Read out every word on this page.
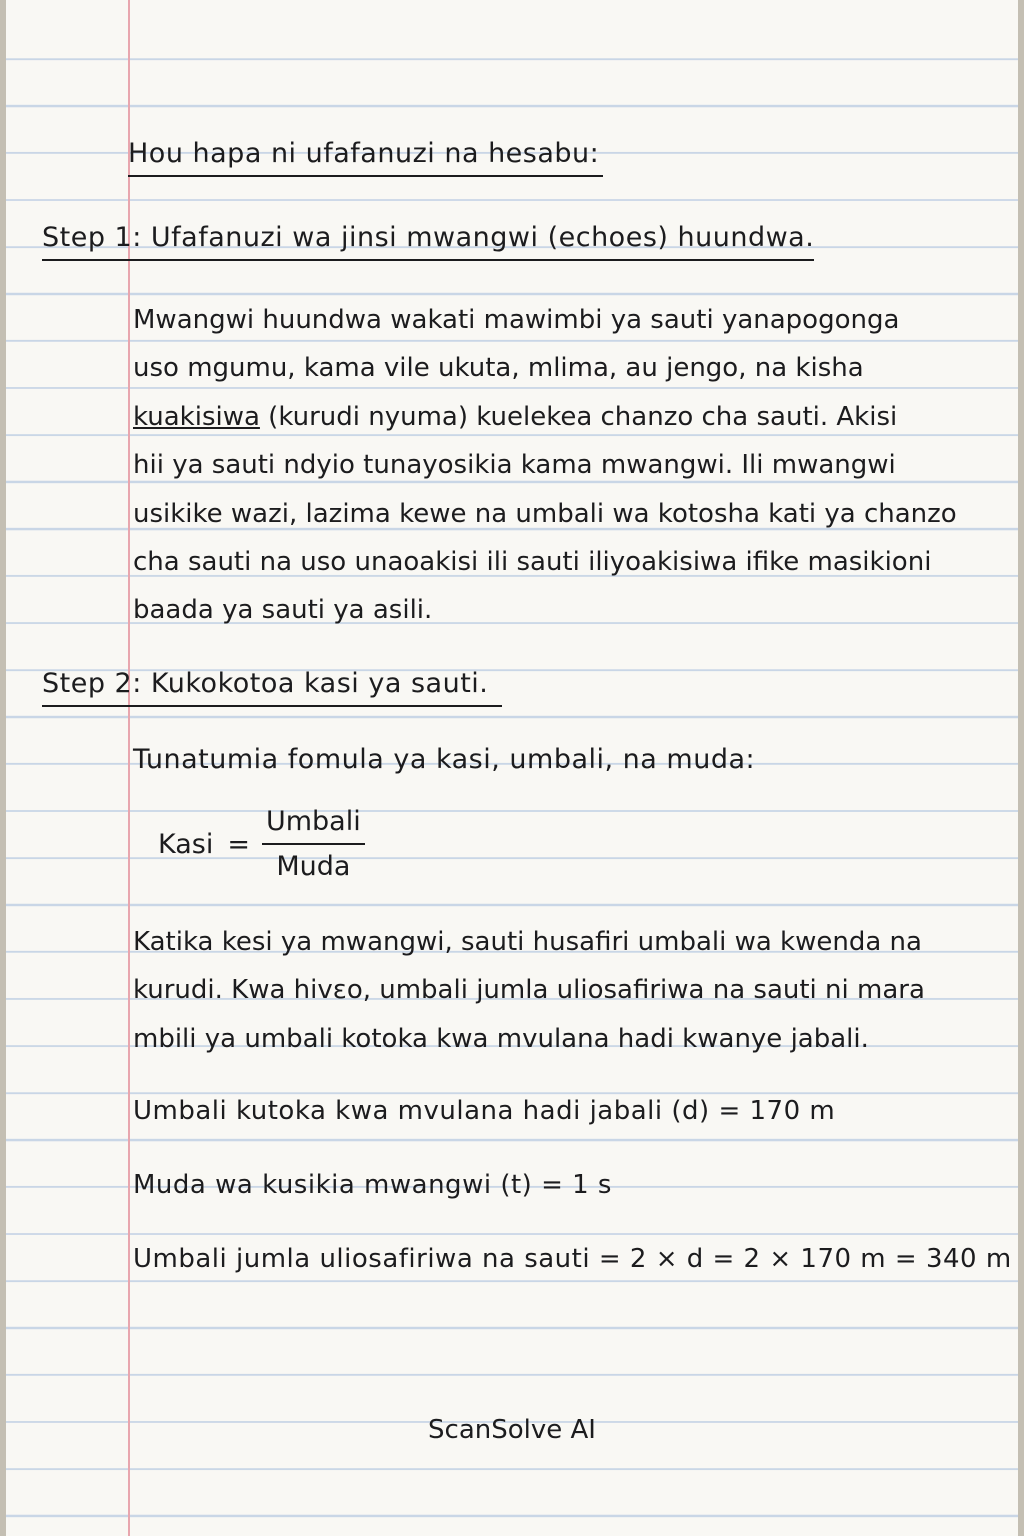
Hou hapa ni ufafanuzi na hesabu:
Step 1: Ufafanuzi wa jinsi mwangwi (echoes) huundwa.
Mwangwi huundwa wakati mawimbi ya sauti yanapogonga
uso mgumu, kama vile ukuta, mlima, au jengo, na kisha
kuakisiwa (kurudi nyuma) kuelekea chanzo cha sauti. Akisi
hii ya sauti ndyio tunayosikia kama mwangwi. Ili mwangwi
usikike wazi, lazima kewe na umbali wa kotosha kati ya chanzo
cha sauti na uso unaoakisi ili sauti iliyoakisiwa ifike masikioni
baada ya sauti ya asili.
Step 2: Kukokotoa kasi ya sauti.
Tunatumia fomula ya kasi, umbali, na muda:
Kasi = $\frac{\text{Umbali}}{\text{Muda}}$
Katika kesi ya mwangwi, sauti husafiri umbali wa kwenda na
kurudi. Kwa hivεo, umbali jumla uliosafiriwa na sauti ni mara
mbili ya umbali kotoka kwa mvulana hadi kwanye jabali.
Umbali kutoka kwa mvulana hadi jabali (d) = 170 m
Muda wa kusikia mwangwi (t) = 1 s
Umbali jumla uliosafiriwa na sauti = 2 × d = 2 × 170 m = 340 m
ScanSolve AI
